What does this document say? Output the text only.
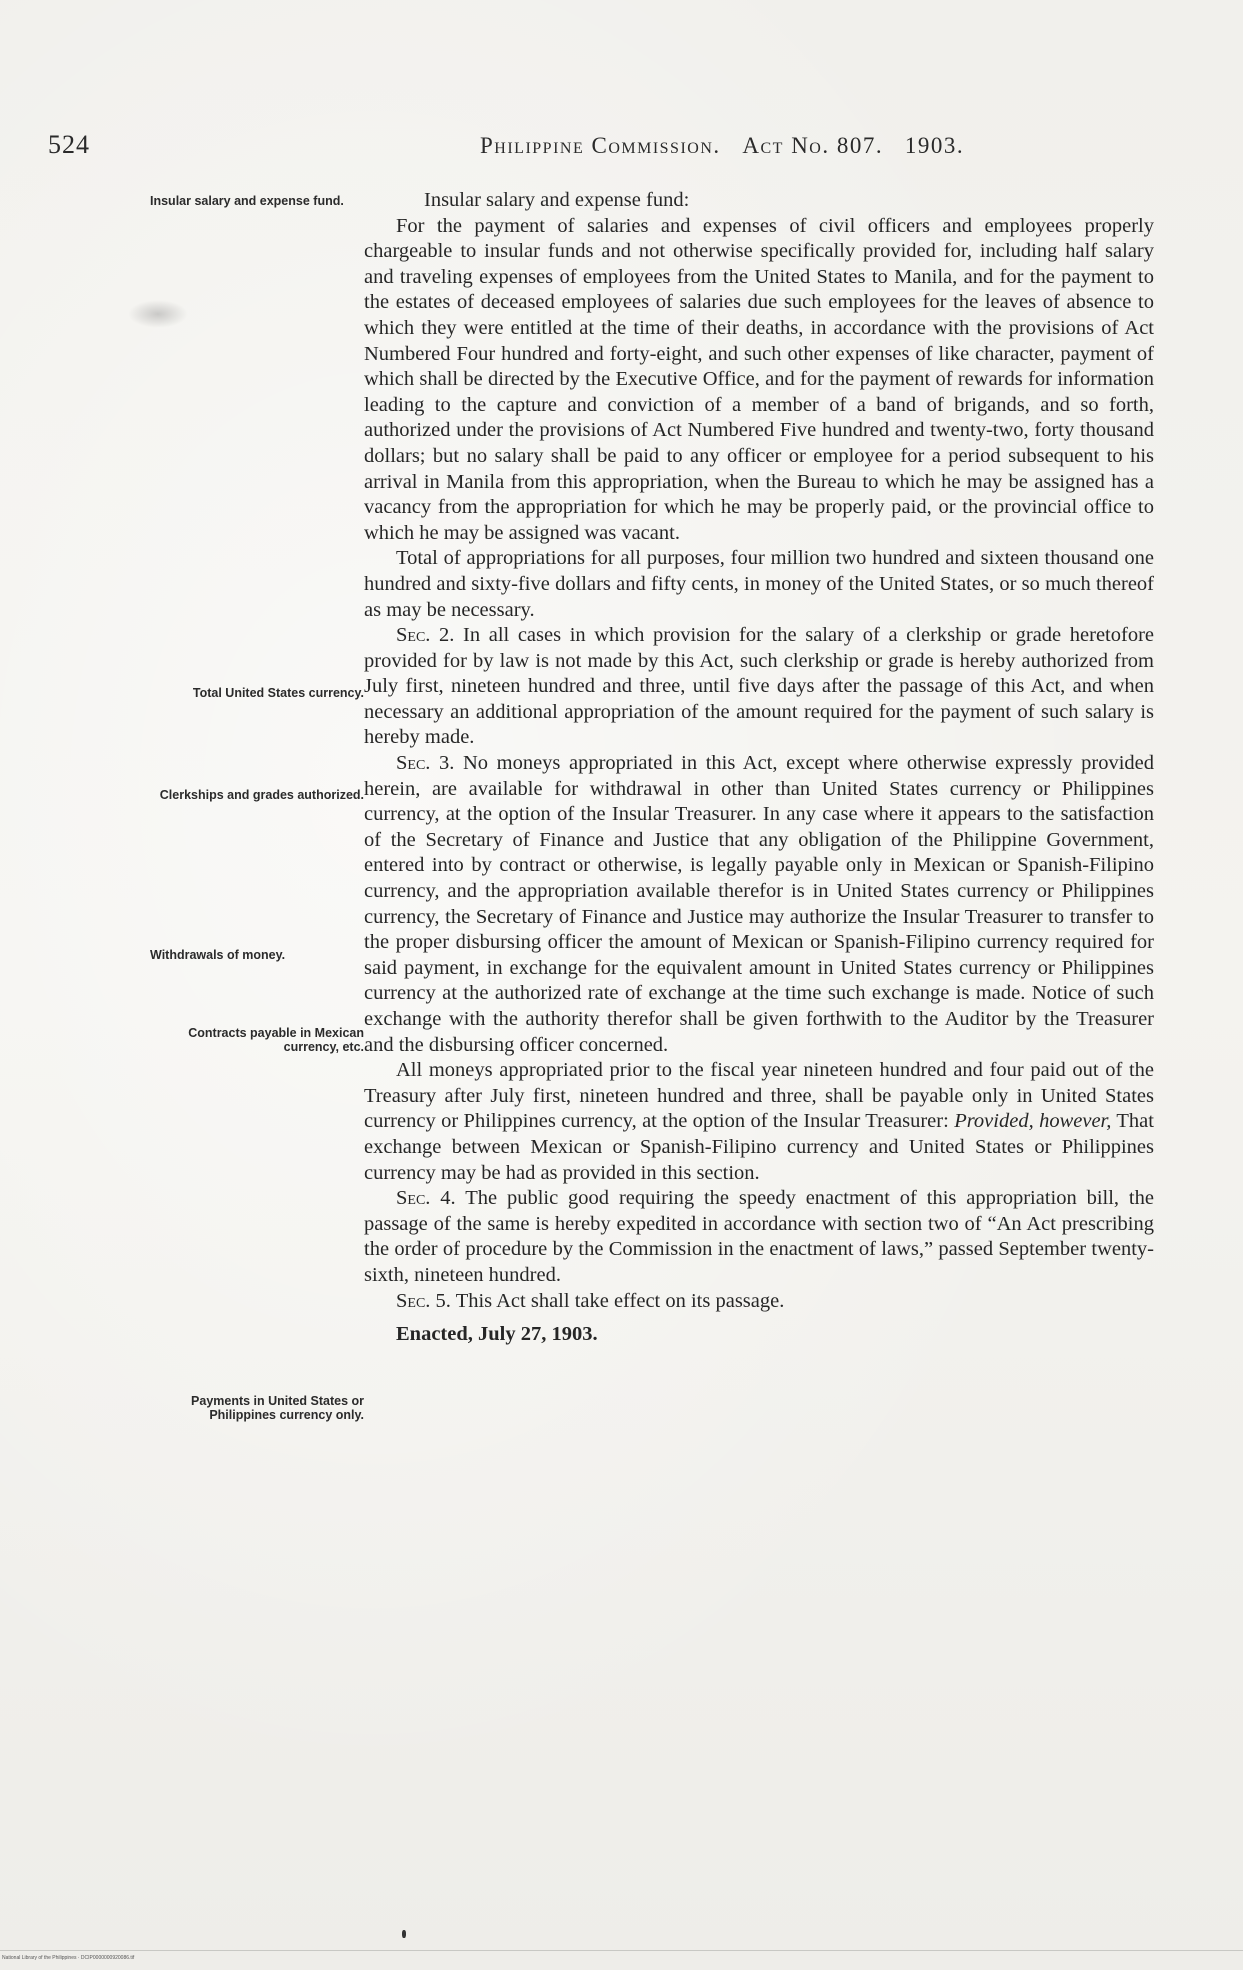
524	Philippine Commission. Act No. 807. 1903.
Insular salary and expense fund.
Total United States currency.
Clerkships and grades authorized.
Withdrawals of money.
Contracts payable in Mexican currency, etc.
Payments in United States or Philippines currency only.

Insular salary and expense fund:

For the payment of salaries and expenses of civil officers and employees properly chargeable to insular funds and not otherwise specifically provided for, including half salary and traveling expenses of employees from the United States to Manila, and for the payment to the estates of deceased employees of salaries due such employees for the leaves of absence to which they were entitled at the time of their deaths, in accordance with the provisions of Act Numbered Four hundred and forty-eight, and such other expenses of like character, payment of which shall be directed by the Executive Office, and for the payment of rewards for information leading to the capture and conviction of a member of a band of brigands, and so forth, authorized under the provisions of Act Numbered Five hundred and twenty-two, forty thousand dollars; but no salary shall be paid to any officer or employee for a period subsequent to his arrival in Manila from this appropriation, when the Bureau to which he may be assigned has a vacancy from the appropriation for which he may be properly paid, or the provincial office to which he may be assigned was vacant.

Total of appropriations for all purposes, four million two hundred and sixteen thousand one hundred and sixty-five dollars and fifty cents, in money of the United States, or so much thereof as may be necessary.

Sec. 2. In all cases in which provision for the salary of a clerkship or grade heretofore provided for by law is not made by this Act, such clerkship or grade is hereby authorized from July first, nineteen hundred and three, until five days after the passage of this Act, and when necessary an additional appropriation of the amount required for the payment of such salary is hereby made.

Sec. 3. No moneys appropriated in this Act, except where otherwise expressly provided herein, are available for withdrawal in other than United States currency or Philippines currency, at the option of the Insular Treasurer. In any case where it appears to the satisfaction of the Secretary of Finance and Justice that any obligation of the Philippine Government, entered into by contract or otherwise, is legally payable only in Mexican or Spanish-Filipino currency, and the appropriation available therefor is in United States currency or Philippines currency, the Secretary of Finance and Justice may authorize the Insular Treasurer to transfer to the proper disbursing officer the amount of Mexican or Spanish-Filipino currency required for said payment, in exchange for the equivalent amount in United States currency or Philippines currency at the authorized rate of exchange at the time such exchange is made. Notice of such exchange with the authority therefor shall be given forthwith to the Auditor by the Treasurer and the disbursing officer concerned.

All moneys appropriated prior to the fiscal year nineteen hundred and four paid out of the Treasury after July first, nineteen hundred and three, shall be payable only in United States currency or Philippines currency, at the option of the Insular Treasurer: Provided, however, That exchange between Mexican or Spanish-Filipino currency and United States or Philippines currency may be had as provided in this section.

Sec. 4. The public good requiring the speedy enactment of this appropriation bill, the passage of the same is hereby expedited in accordance with section two of “An Act prescribing the order of procedure by the Commission in the enactment of laws,” passed September twenty-sixth, nineteen hundred.

Sec. 5. This Act shall take effect on its passage.

Enacted, July 27, 1903.

National Library of the Philippines · DCIP0000000920086.tif
